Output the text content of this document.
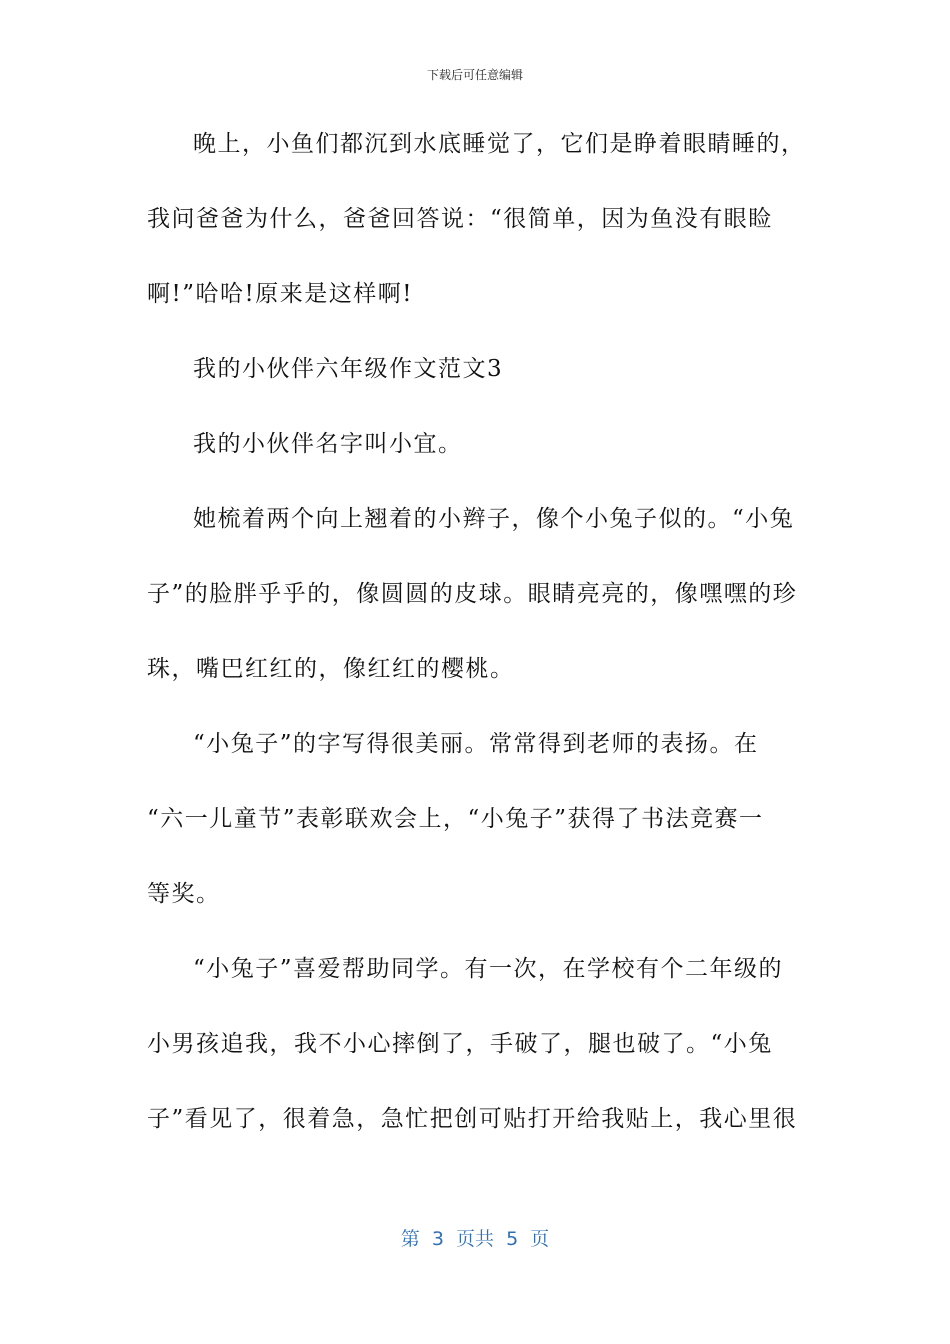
下载后可任意编辑
晚上，小鱼们都沉到水底睡觉了，它们是睁着眼睛睡的，
我问爸爸为什么，爸爸回答说：“很简单，因为鱼没有眼睑
啊!”哈哈!原来是这样啊!
我的小伙伴六年级作文范文3
我的小伙伴名字叫小宜。
她梳着两个向上翘着的小辫子，像个小兔子似的。“小兔
子”的脸胖乎乎的，像圆圆的皮球。眼睛亮亮的，像嘿嘿的珍
珠，嘴巴红红的，像红红的樱桃。
“小兔子”的字写得很美丽。常常得到老师的表扬。在
“六一儿童节”表彰联欢会上，“小兔子”获得了书法竞赛一
等奖。
“小兔子”喜爱帮助同学。有一次，在学校有个二年级的
小男孩追我，我不小心摔倒了，手破了，腿也破了。“小兔
子”看见了，很着急，急忙把创可贴打开给我贴上，我心里很
第  3  页共  5  页
